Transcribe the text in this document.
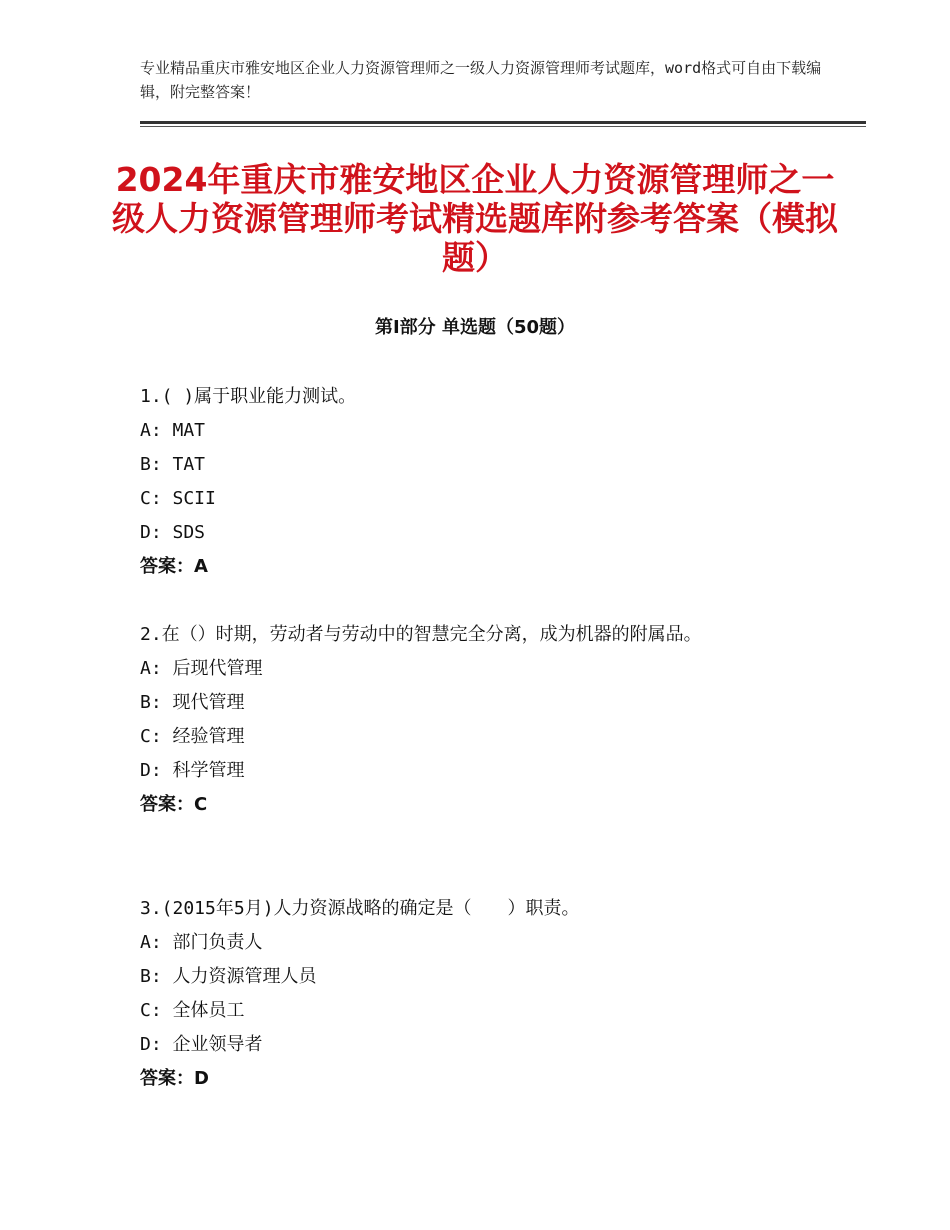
专业精品重庆市雅安地区企业人力资源管理师之一级人力资源管理师考试题库，word格式可自由下载编辑，附完整答案！
2024年重庆市雅安地区企业人力资源管理师之一级人力资源管理师考试精选题库附参考答案（模拟题）
第Ⅰ部分 单选题（50题）

1.( )属于职业能力测试。

A: MAT
B: TAT
C: SCII
D: SDS
答案：A

2.在（）时期，劳动者与劳动中的智慧完全分离，成为机器的附属品。

A: 后现代管理
B: 现代管理
C: 经验管理
D: 科学管理
答案：C

3.(2015年5月)人力资源战略的确定是（　　）职责。

A: 部门负责人
B: 人力资源管理人员
C: 全体员工
D: 企业领导者
答案：D
